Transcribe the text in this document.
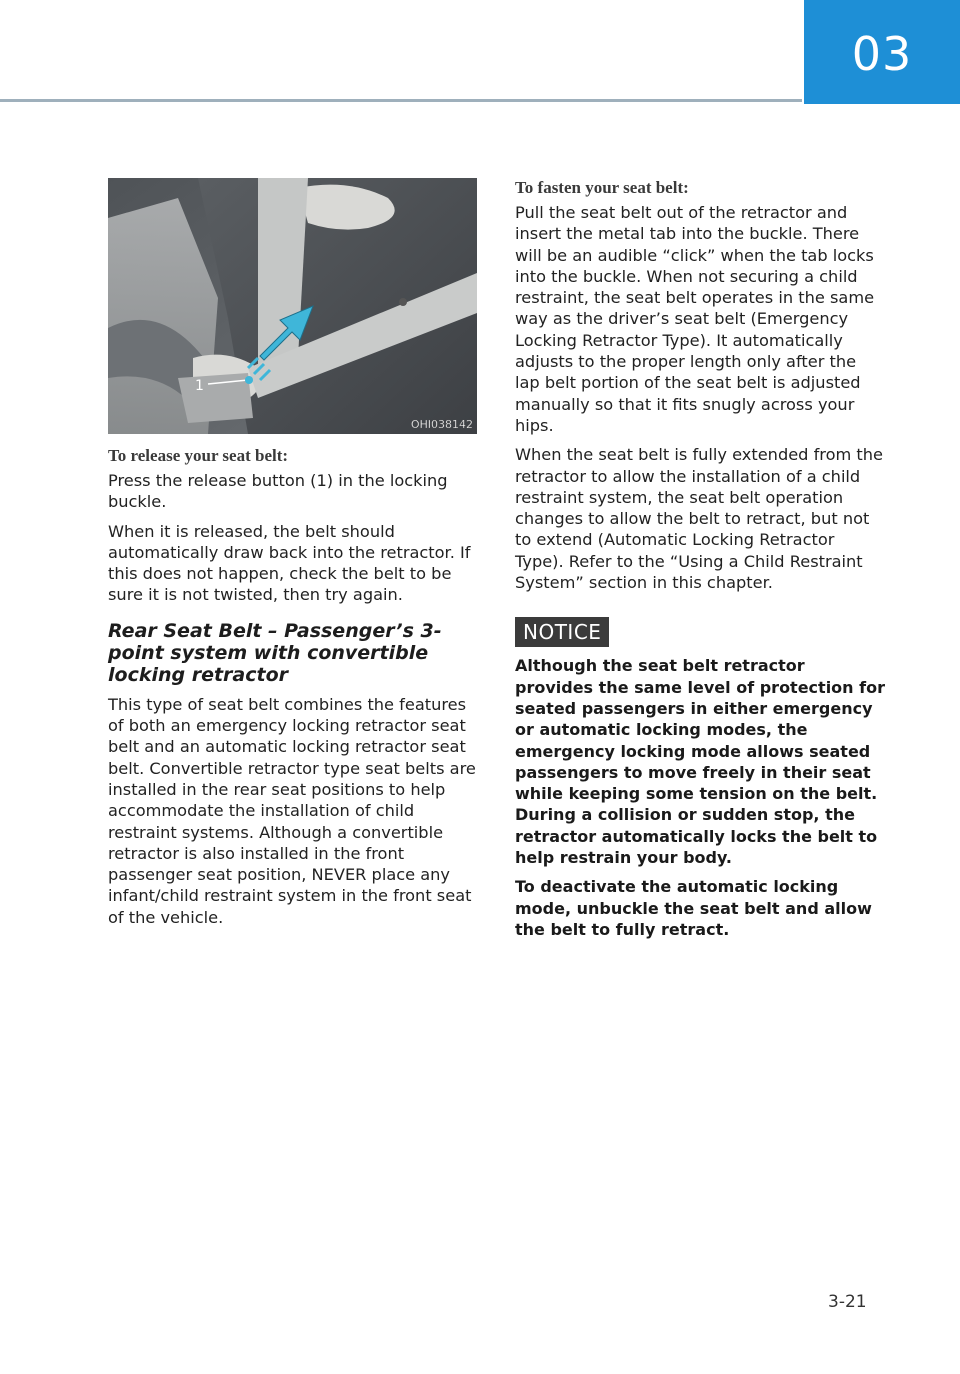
03
1
OHI038142
To release your seat belt:

Press the release button (1) in the locking buckle.

When it is released, the belt should automatically draw back into the retractor. If this does not happen, check the belt to be sure it is not twisted, then try again.

Rear Seat Belt – Passenger’s 3-point system with convertible locking retractor

This type of seat belt combines the features of both an emergency locking retractor seat belt and an automatic locking retractor seat belt. Convertible retractor type seat belts are installed in the rear seat positions to help accommodate the installation of child restraint systems. Although a convertible retractor is also installed in the front passenger seat position, NEVER place any infant/child restraint system in the front seat of the vehicle.

To fasten your seat belt:

Pull the seat belt out of the retractor and insert the metal tab into the buckle. There will be an audible “click” when the tab locks into the buckle. When not securing a child restraint, the seat belt operates in the same way as the driver’s seat belt (Emergency Locking Retractor Type). It automatically adjusts to the proper length only after the lap belt portion of the seat belt is adjusted manually so that it fits snugly across your hips.

When the seat belt is fully extended from the retractor to allow the installation of a child restraint system, the seat belt operation changes to allow the belt to retract, but not to extend (Automatic Locking Retractor Type). Refer to the “Using a Child Restraint System” section in this chapter.

NOTICE

Although the seat belt retractor provides the same level of protection for seated passengers in either emergency or automatic locking modes, the emergency locking mode allows seated passengers to move freely in their seat while keeping some tension on the belt. During a collision or sudden stop, the retractor automatically locks the belt to help restrain your body.

To deactivate the automatic locking mode, unbuckle the seat belt and allow the belt to fully retract.

3-21
